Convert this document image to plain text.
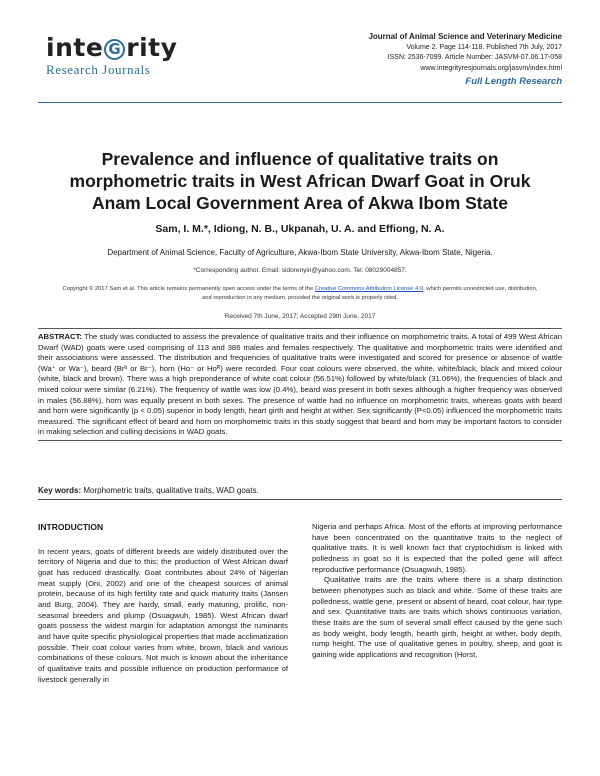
inte G rity
Research Journals
Journal of Animal Science and Veterinary Medicine
Volume 2. Page 114-118. Published 7th July, 2017
ISSN: 2536-7099. Article Number: JASVM-07.06.17-058
www.integrityresjournals.org/jasvm/index.html
Full Length Research
Prevalence and influence of qualitative traits on morphometric traits in West African Dwarf Goat in Oruk Anam Local Government Area of Akwa Ibom State
Sam, I. M.*, Idiong, N. B., Ukpanah, U. A. and Effiong, N. A.
Department of Animal Science, Faculty of Agriculture, Akwa-Ibom State University, Akwa-Ibom State, Nigeria.
*Corresponding author. Email: sidorenyin@yahoo.com. Tel: 08029004857.
Copyright © 2017 Sam et al. This article remains permanently open access under the terms of the Creative Commons Attribution License 4.0, which permits unrestricted use, distribution, and reproduction in any medium, provided the original work is properly cited.
Received 7th June, 2017; Accepted 29th June, 2017
ABSTRACT: The study was conducted to assess the prevalence of qualitative traits and their influence on morphometric traits. A total of 499 West African Dwarf (WAD) goats were used comprising of 113 and 386 males and females respectively. The qualitative and morphometric traits were identified and their associations were assessed. The distribution and frequencies of qualitative traits were investigated and scored for presence or absence of wattle (Wa⁺ or Wa⁻), beard (Brᵇ or Br⁻), horn (Ho⁻ or Hoᴿ) were recorded. Four coat colours were observed, the white, white/black, black and mixed colour (white, black and brown). There was a high preponderance of white coat colour (56.51%) followed by white/black (31.06%), the frequencies of black and mixed colour were similar (6.21%). The frequency of wattle was low (0.4%), beard was present in both sexes although a higher frequency was observed in males (56.88%), horn was equally present in both sexes. The presence of wattle had no influence on morphometric traits, whereas goats with beard and horn were significantly (p < 0.05) superior in body length, heart girth and height at wither. Sex significantly (P<0.05) influenced the morphometric traits measured. The significant effect of beard and horn on morphometric traits in this study suggest that beard and horn may be important factors to consider in making selection and culling decisions in WAD goats.
Key words: Morphometric traits, qualitative traits, WAD goats.
INTRODUCTION

In recent years, goats of different breeds are widely distributed over the territory of Nigeria and due to this; the production of West African dwarf goat has reduced drastically. Goat contributes about 24% of Nigerian meat supply (Oni, 2002) and one of the cheapest sources of animal protein, because of its high fertility rate and quick maturity traits (Jansen and Burg, 2004). They are hardy, small, early maturing, prolific, non-seasonal breeders and plump (Osuagwuh, 1985). West African dwarf goats possess the widest margin for adaptation amongst the ruminants and have quite specific physiological properties that made acclimatization possible. Their coat colour varies from white, brown, black and various combinations of these colours. Not much is known about the inheritance of qualitative traits and possible influence on production performance of livestock generally in

Nigeria and perhaps Africa. Most of the efforts at improving performance have been concentrated on the quantitative traits to the neglect of qualitative traits. It is well known fact that cryptochidism is linked with polledness in goat so it is expected that the polled gene will affect reproductive performance (Osuagwuh, 1985).

Qualitative traits are the traits where there is a sharp distinction between phenotypes such as black and white. Some of these traits are polledness, wattle gene, present or absent of beard, coat colour, hair type and sex. Quantitative traits are traits which shows continuous variation, these traits are the sum of several small effect caused by the gene such as body weight, body length, hearth girth, height at wither, body depth, rump height. The use of qualitative genes in poultry, sheep, and goat is gaining wide applications and recognition (Horst,
